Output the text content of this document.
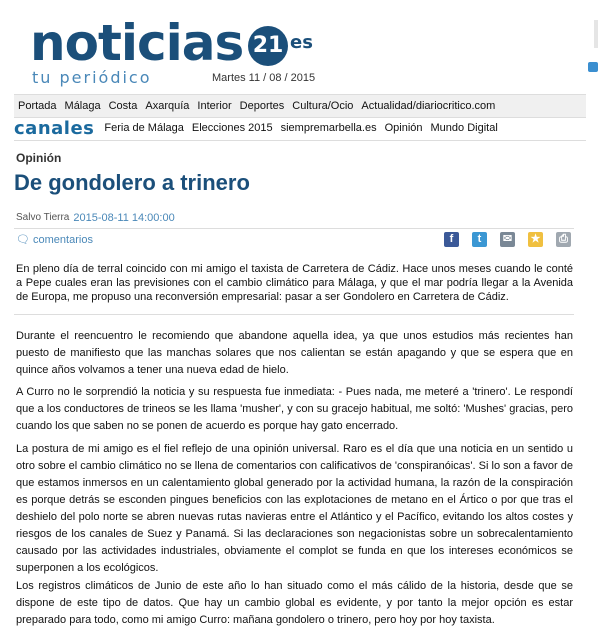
noticias 21 es
tu periódico	Martes 11 / 08 / 2015
Portada Málaga Costa Axarquía Interior Deportes Cultura/Ocio Actualidad/diariocritico.com
canales Feria de Málaga Elecciones 2015 siempremarbella.es Opinión Mundo Digital
Opinión
De gondolero a trinero
Salvo Tierra 2015-08-11 14:00:00
🗨 comentarios	f	t	✉ ★ ⎙
En pleno día de terral coincido con mi amigo el taxista de Carretera de Cádiz. Hace unos meses cuando le conté a Pepe cuales eran las previsiones con el cambio climático para Málaga, y que el mar podría llegar a la Avenida de Europa, me propuso una reconversión empresarial: pasar a ser Gondolero en Carretera de Cádiz.

Durante el reencuentro le recomiendo que abandone aquella idea, ya que unos estudios más recientes han puesto de manifiesto que las manchas solares que nos calientan se están apagando y que se espera que en quince años volvamos a tener una nueva edad de hielo.

A Curro no le sorprendió la noticia y su respuesta fue inmediata: - Pues nada, me meteré a 'trinero'. Le respondí que a los conductores de trineos se les llama 'musher', y con su gracejo habitual, me soltó: 'Mushes' gracias, pero cuando los que saben no se ponen de acuerdo es porque hay gato encerrado.

La postura de mi amigo es el fiel reflejo de una opinión universal. Raro es el día que una noticia en un sentido u otro sobre el cambio climático no se llena de comentarios con calificativos de 'conspiranóicas'. Si lo son a favor de que estamos inmersos en un calentamiento global generado por la actividad humana, la razón de la conspiración es porque detrás se esconden pingues beneficios con las explotaciones de metano en el Ártico o por que tras el deshielo del polo norte se abren nuevas rutas navieras entre el Atlántico y el Pacífico, evitando los altos costes y riesgos de los canales de Suez y Panamá. Si las declaraciones son negacionistas sobre un sobrecalentamiento causado por las actividades industriales, obviamente el complot se funda en que los intereses económicos se superponen a los ecológicos.

Los registros climáticos de Junio de este año lo han situado como el más cálido de la historia, desde que se dispone de este tipo de datos. Que hay un cambio global es evidente, y por tanto la mejor opción es estar preparado para todo, como mi amigo Curro: mañana gondolero o trinero, pero hoy por hoy taxista.
